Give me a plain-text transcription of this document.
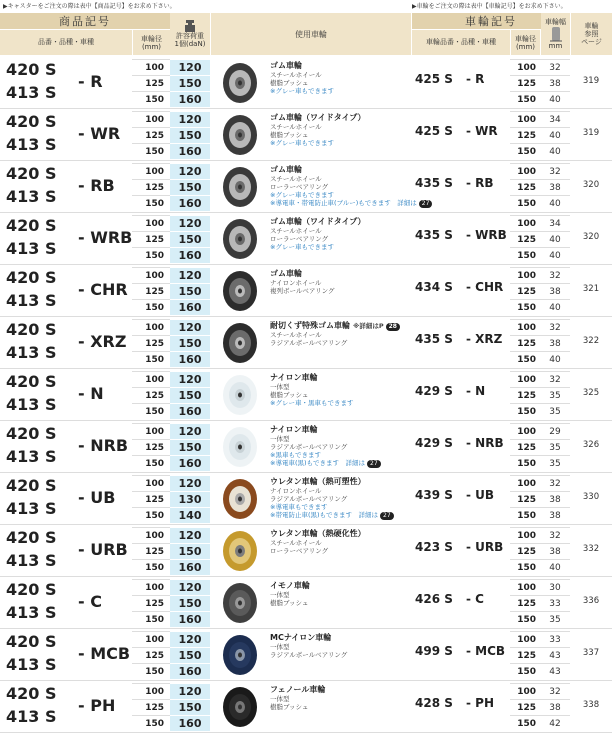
▶キャスターをご注文の際は表中【商品記号】をお求め下さい。	▶車輪をご注文の際は表中【車輪記号】をお求め下さい。
商品記号
品番・品種・車種	車輪径
(mm)
許容荷重
1個(daN)
使用車輪
車輪記号
車輪品番・品種・車種	車輪径
(mm)
車輪幅
mm
車輪
参照
ページ
420 S
413 S
- R
100	120	100	32
125	150	125	38
150	160	150	40
ゴム車輪
スチールホイール
樹脂ブッシュ
※グレー車もできます
425 S - R	319
420 S
413 S
- WR
100	120	100	34
125	150	125	40
150	160	150	40
ゴム車輪（ワイドタイプ）
スチールホイール
樹脂ブッシュ
※グレー車もできます
425 S - WR	319
420 S
413 S
- RB
100	120	100	32
125	150	125	38
150	160	150	40
ゴム車輪
スチールホイール
ローラーベアリング
※グレー車もできます
※導電車・帯電防止車(ブルー)もできます　詳細は 27
435 S - RB	320
420 S
413 S
- WRB
100	120	100	34
125	150	125	40
150	160	150	40
ゴム車輪（ワイドタイプ）
スチールホイール
ローラーベアリング
※グレー車もできます
435 S - WRB	320
420 S
413 S
- CHR
100	120	100	32
125	150	125	38
150	160	150	40
ゴム車輪
ナイロンホイール
複列ボールベアリング	434 S - CHR	321
420 S
413 S
- XRZ
100	120	100	32
125	150	125	38
150	160	150	40
耐切くず特殊ゴム車輪 ※詳細はP 28
スチールホイール
ラジアルボールベアリング	435 S - XRZ	322
420 S
413 S
- N
100	120	100	32
125	150	125	35
150	160	150	35
ナイロン車輪
一体型
樹脂ブッシュ
※グレー車・黒車もできます
429 S - N	325
420 S
413 S
- NRB
100	120	100	29
125	150	125	35
150	160	150	35
ナイロン車輪
一体型
ラジアルボールベアリング
※黒車もできます
※導電車(黒)もできます　詳細は 27
429 S - NRB	326
420 S
413 S
- UB
100	120	100	32
125	130	125	38
150	140	150	38
ウレタン車輪（熱可塑性）
ナイロンホイール
ラジアルボールベアリング
※導電車もできます
※帯電防止車(黒)もできます　詳細は 27
439 S - UB	330
420 S
413 S
- URB
100	120	100	32
125	150	125	38
150	160	150	40
ウレタン車輪（熱硬化性）
スチールホイール
ローラーベアリング	423 S - URB	332
420 S
413 S
- C
100	120	100	30
125	150	125	33
150	160	150	35
イモノ車輪
一体型
樹脂ブッシュ	426 S - C	336
420 S
413 S
- MCB
100	120	100	33
125	150	125	43
150	160	150	43
MCナイロン車輪
一体型
ラジアルボールベアリング	499 S - MCB	337
420 S
413 S
- PH
100	120	100	32
125	150	125	38
150	160	150	42
フェノール車輪
一体型
樹脂ブッシュ	428 S - PH	338
